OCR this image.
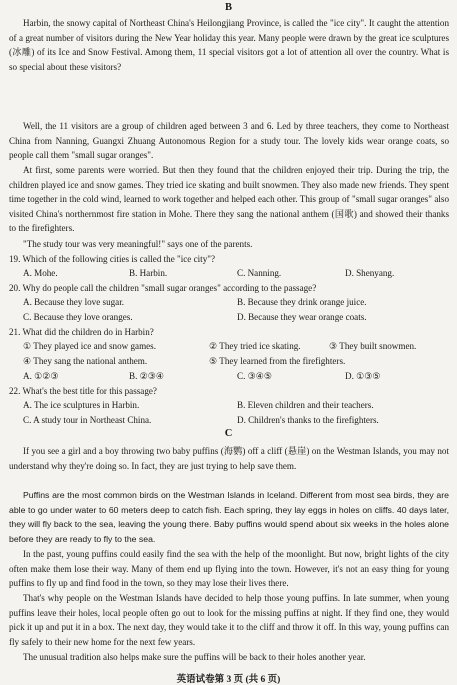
B

Harbin, the snowy capital of Northeast China's Heilongjiang Province, is called the "ice city". It caught the attention of a great number of visitors during the New Year holiday this year. Many people were drawn by the great ice sculptures (冰雕) of its Ice and Snow Festival. Among them, 11 special visitors got a lot of attention all over the country. What is so special about these visitors?

Well, the 11 visitors are a group of children aged between 3 and 6. Led by three teachers, they come to Northeast China from Nanning, Guangxi Zhuang Autonomous Region for a study tour. The lovely kids wear orange coats, so people call them "small sugar oranges".

At first, some parents were worried. But then they found that the children enjoyed their trip. During the trip, the children played ice and snow games. They tried ice skating and built snowmen. They also made new friends. They spent time together in the cold wind, learned to work together and helped each other. This group of "small sugar oranges" also visited China's northernmost fire station in Mohe. There they sang the national anthem (国歌) and showed their thanks to the firefighters.

"The study tour was very meaningful!" says one of the parents.

19. Which of the following cities is called the "ice city"?

A. Mohe.	B. Harbin.	C. Nanning.	D. Shenyang.

20. Why do people call the children "small sugar oranges" according to the passage?

A. Because they love sugar.	B. Because they drink orange juice.
C. Because they love oranges.	D. Because they wear orange coats.

21. What did the children do in Harbin?

① They played ice and snow games.	② They tried ice skating.	③ They built snowmen.
④ They sang the national anthem.	⑤ They learned from the firefighters.
A. ①②③	B. ②③④	C. ③④⑤	D. ①③⑤

22. What's the best title for this passage?

A. The ice sculptures in Harbin.	B. Eleven children and their teachers.
C. A study tour in Northeast China.	D. Children's thanks to the firefighters.
C

If you see a girl and a boy throwing two baby puffins (海鹦) off a cliff (悬崖) on the Westman Islands, you may not understand why they're doing so. In fact, they are just trying to help save them.

Puffins are the most common birds on the Westman Islands in Iceland. Different from most sea birds, they are able to go under water to 60 meters deep to catch fish. Each spring, they lay eggs in holes on cliffs. 40 days later, they will fly back to the sea, leaving the young there. Baby puffins would spend about six weeks in the holes alone before they are ready to fly to the sea.

In the past, young puffins could easily find the sea with the help of the moonlight. But now, bright lights of the city often make them lose their way. Many of them end up flying into the town. However, it's not an easy thing for young puffins to fly up and find food in the town, so they may lose their lives there.

That's why people on the Westman Islands have decided to help those young puffins. In late summer, when young puffins leave their holes, local people often go out to look for the missing puffins at night. If they find one, they would pick it up and put it in a box. The next day, they would take it to the cliff and throw it off. In this way, young puffins can fly safely to their new home for the next few years.

The unusual tradition also helps make sure the puffins will be back to their holes another year.

英语试卷第 3 页 (共 6 页)
